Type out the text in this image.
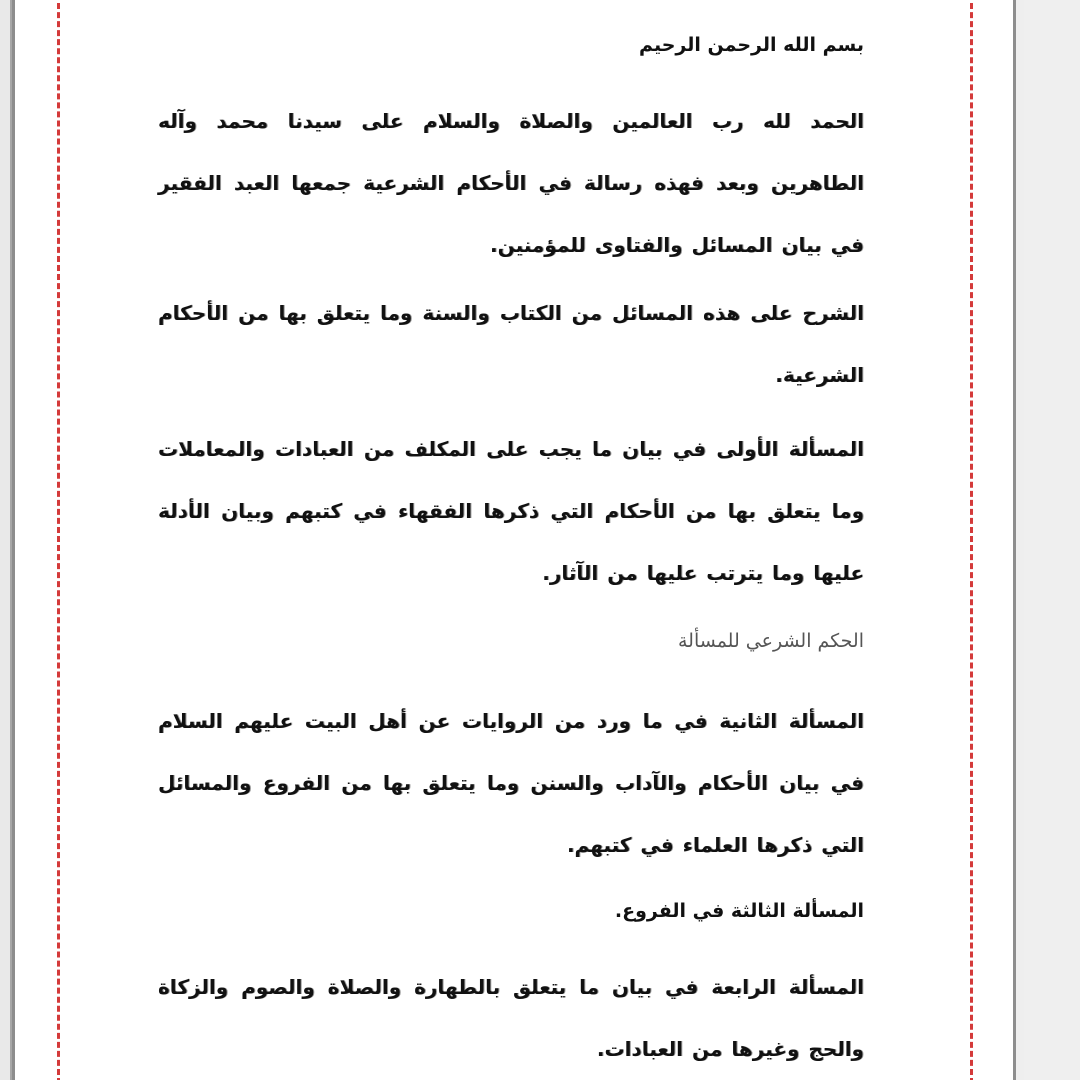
بسم الله الرحمن الرحيم
الحمد لله رب العالمين والصلاة والسلام على سيدنا محمد وآله الطاهرين وبعد فهذه رسالة في الأحكام الشرعية جمعها العبد الفقير في بيان المسائل والفتاوى للمؤمنين.
الشرح على هذه المسائل من الكتاب والسنة وما يتعلق بها من الأحكام الشرعية.
المسألة الأولى في بيان ما يجب على المكلف من العبادات والمعاملات وما يتعلق بها من الأحكام التي ذكرها الفقهاء في كتبهم وبيان الأدلة عليها وما يترتب عليها من الآثار.
الحكم الشرعي للمسألة
المسألة الثانية في ما ورد من الروايات عن أهل البيت عليهم السلام في بيان الأحكام والآداب والسنن وما يتعلق بها من الفروع والمسائل التي ذكرها العلماء في كتبهم.
المسألة الثالثة في الفروع.
المسألة الرابعة في بيان ما يتعلق بالطهارة والصلاة والصوم والزكاة والحج وغيرها من العبادات.
